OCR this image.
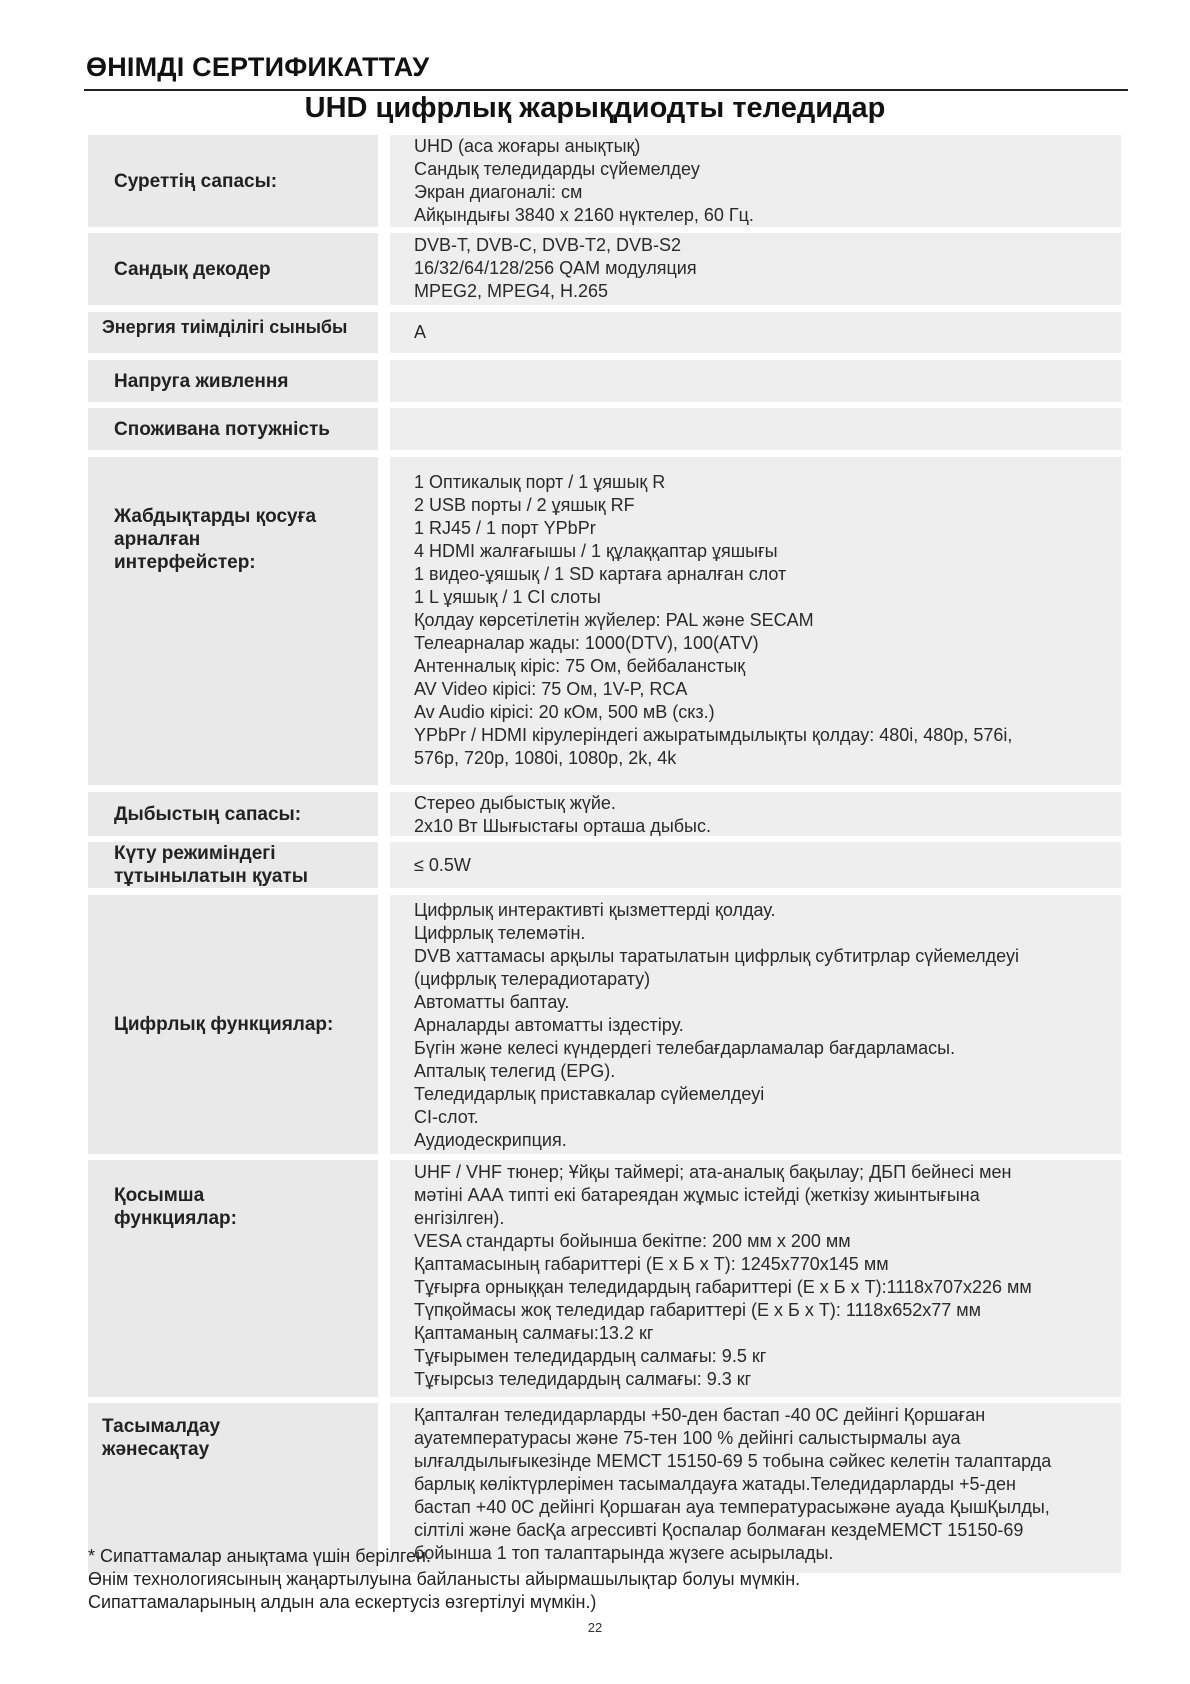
ӨНІМДІ СЕРТИФИКАТТАУ
UHD цифрлық жарықдиодты теледидар
Суреттің сапасы:
UHD (аса жоғары анықтық)
Сандық теледидарды сүйемелдеу
Экран диагоналі: см
Айқындығы 3840 x 2160 нүктелер, 60 Гц.
Сандық декодер
DVB-T, DVB-C, DVB-T2, DVB-S2
16/32/64/128/256 QAM модуляция
MPEG2, MPEG4, H.265
Энергия тиімділігі сыныбы	A
Напруга живлення
Споживана потужність
Жабдықтарды қосуға
арналған
интерфейстер:
1 Оптикалық порт / 1 ұяшық R
2 USB порты / 2 ұяшық RF
1 RJ45 / 1 порт YPbPr
4 HDMI жалғағышы / 1 құлаққаптар ұяшығы
1 видео-ұяшық / 1 SD картаға арналған слот
1 L ұяшық / 1 CI слоты
Қолдау көрсетілетін жүйелер: PAL және SECAM
Телеарналар жады: 1000(DTV), 100(ATV)
Антенналық кіріс: 75 Ом, бейбаланстық
AV Video кірісі: 75 Ом, 1V-P, RCA
Av Audio кірісі: 20 кОм, 500 мВ (скз.)
YPbPr / HDMI кірулеріндегі ажыратымдылықты қолдау: 480i, 480p, 576i,
576p, 720p, 1080i, 1080p, 2k, 4k
Дыбыстың сапасы:
Стерео дыбыстық жүйе.
2x10 Вт Шығыстағы орташа дыбыс.
Күту режиміндегі
тұтынылатын қуаты
≤ 0.5W
Цифрлық функциялар:
Цифрлық интерактивті қызметтерді қолдау.
Цифрлық телемәтін.
DVB хаттамасы арқылы таратылатын цифрлық субтитрлар сүйемелдеуі
(цифрлық телерадиотарату)
Автоматты баптау.
Арналарды автоматты іздестіру.
Бүгін және келесі күндердегі телебағдарламалар бағдарламасы.
Апталық телегид (EPG).
Теледидарлық приставкалар сүйемелдеуі
CI-слот.
Аудиодескрипция.
Қосымша
функциялар:
UHF / VHF тюнер; Ұйқы таймері; ата-аналық бақылау; ДБП бейнесі мен
мәтіні ААА типті екі батареядан жұмыс істейді (жеткізу жиынтығына
енгізілген).
VESA стандарты бойынша бекітпе: 200 мм x 200 мм
Қаптамасының габариттері (Е x Б x Т): 1245x770x145 мм
Тұғырға орныққан теледидардың габариттері (Е x Б x Т):1118x707x226 мм
Түпқоймасы жоқ теледидар габариттері (Е x Б x Т): 1118x652x77 мм
Қаптаманың салмағы:13.2 кг
Тұғырымен теледидардың салмағы: 9.5 кг
Тұғырсыз теледидардың салмағы: 9.3 кг
Тасымалдау
жәнесақтау
Қапталған теледидарларды +50-ден бастап -40 0С дейінгі Қоршаған
ауатемпературасы және 75-тен 100 % дейінгі салыстырмалы ауа
ылғалдылығыкезінде МЕМСТ 15150-69 5 тобына сәйкес келетін талаптарда
барлық көліктүрлерімен тасымалдауға жатады.Теледидарларды +5-ден
бастап +40 0С дейінгі Қоршаған ауа температурасыжәне ауада ҚышҚылды,
сілтілі және басҚа агрессивті Қоспалар болмаған кездеМЕМСТ 15150-69
бойынша 1 топ талаптарында жүзеге асырылады.
* Сипаттамалар анықтама үшін берілген.
Өнім технологиясының жаңартылуына байланысты айырмашылықтар болуы мүмкін.
Сипаттамаларының алдын ала ескертусіз өзгертілуі мүмкін.)
22
